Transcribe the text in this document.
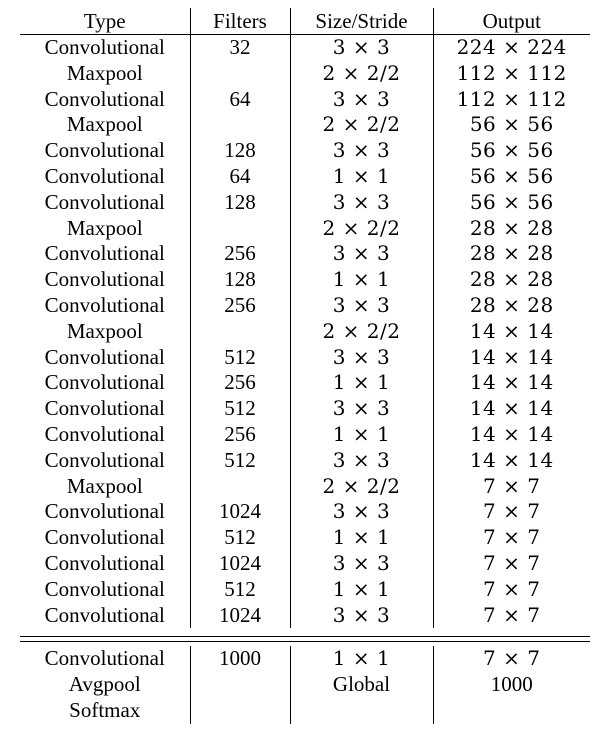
Type	Filters	Size/Stride	Output
Convolutional	32	3 × 3	224 × 224
Maxpool		2 × 2/2	112 × 112
Convolutional	64	3 × 3	112 × 112
Maxpool		2 × 2/2	56 × 56
Convolutional	128	3 × 3	56 × 56
Convolutional	64	1 × 1	56 × 56
Convolutional	128	3 × 3	56 × 56
Maxpool		2 × 2/2	28 × 28
Convolutional	256	3 × 3	28 × 28
Convolutional	128	1 × 1	28 × 28
Convolutional	256	3 × 3	28 × 28
Maxpool		2 × 2/2	14 × 14
Convolutional	512	3 × 3	14 × 14
Convolutional	256	1 × 1	14 × 14
Convolutional	512	3 × 3	14 × 14
Convolutional	256	1 × 1	14 × 14
Convolutional	512	3 × 3	14 × 14
Maxpool		2 × 2/2	7 × 7
Convolutional	1024	3 × 3	7 × 7
Convolutional	512	1 × 1	7 × 7
Convolutional	1024	3 × 3	7 × 7
Convolutional	512	1 × 1	7 × 7
Convolutional	1024	3 × 3	7 × 7

Convolutional	1000	1 × 1	7 × 7
Avgpool		Global	1000
Softmax			
